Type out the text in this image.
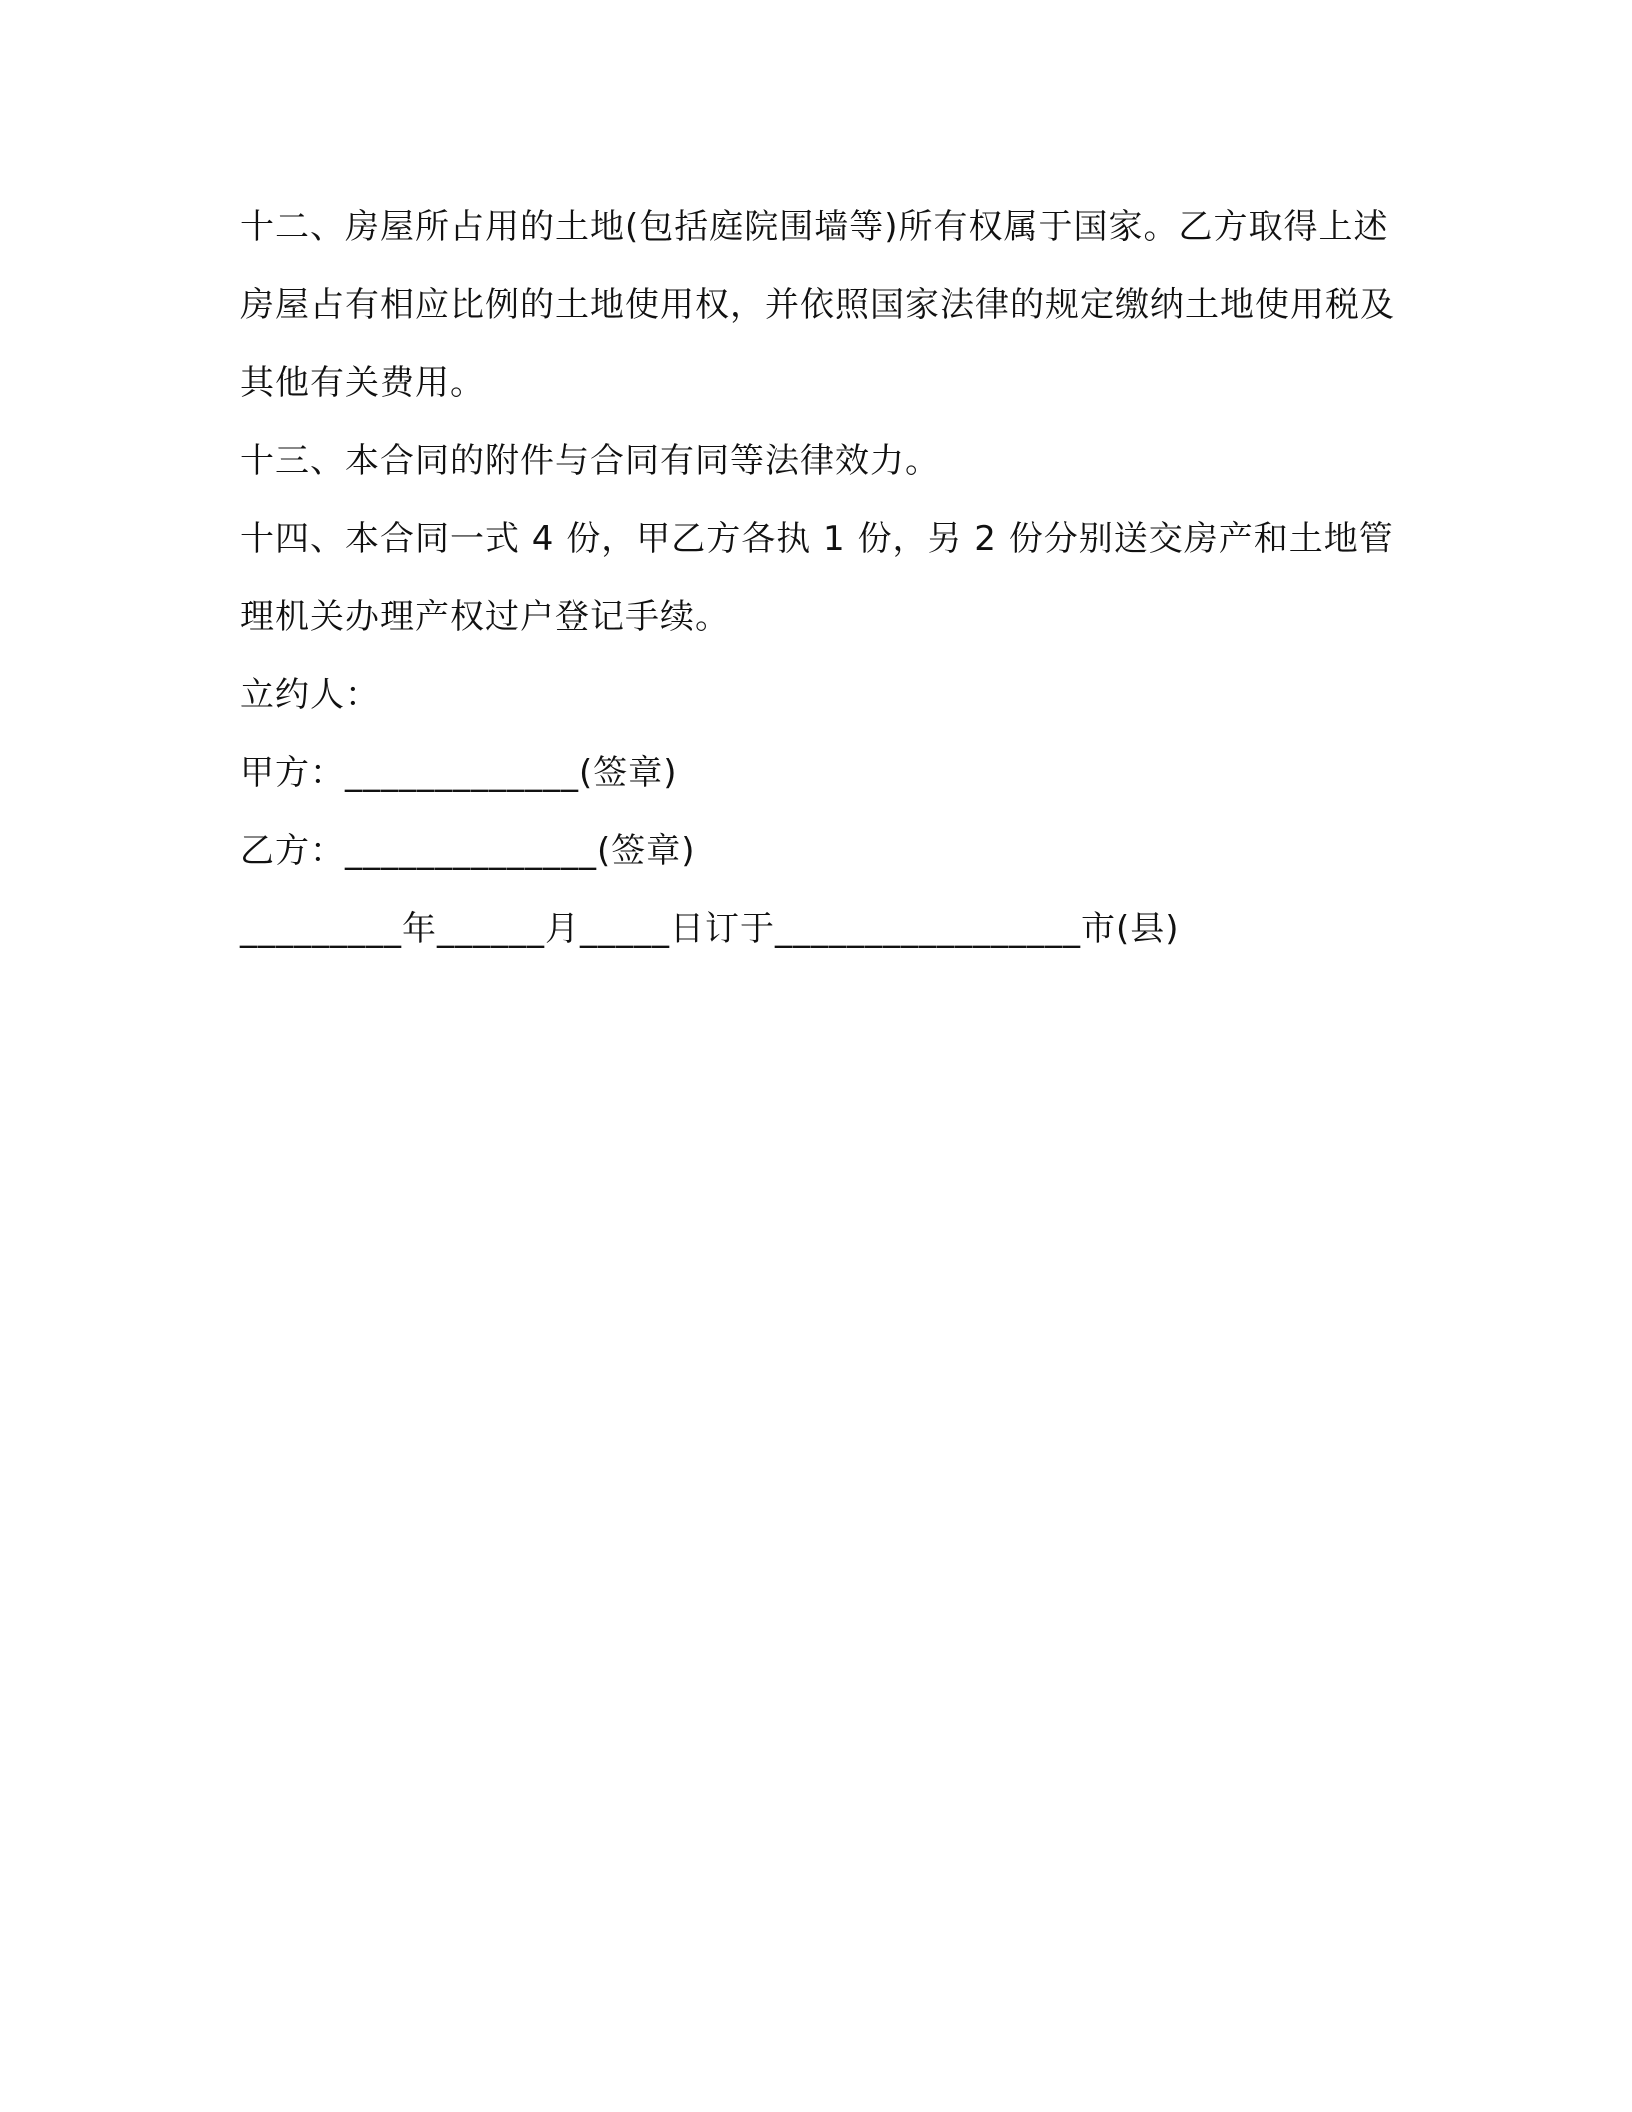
十二、房屋所占用的土地(包括庭院围墙等)所有权属于国家。乙方取得上述房屋占有相应比例的土地使用权，并依照国家法律的规定缴纳土地使用税及其他有关费用。

十三、本合同的附件与合同有同等法律效力。

十四、本合同一式 4 份，甲乙方各执 1 份，另 2 份分别送交房产和土地管理机关办理产权过户登记手续。

立约人：

甲方：_____________(签章)

乙方：______________(签章)

_________年______月_____日订于_________________市(县)
